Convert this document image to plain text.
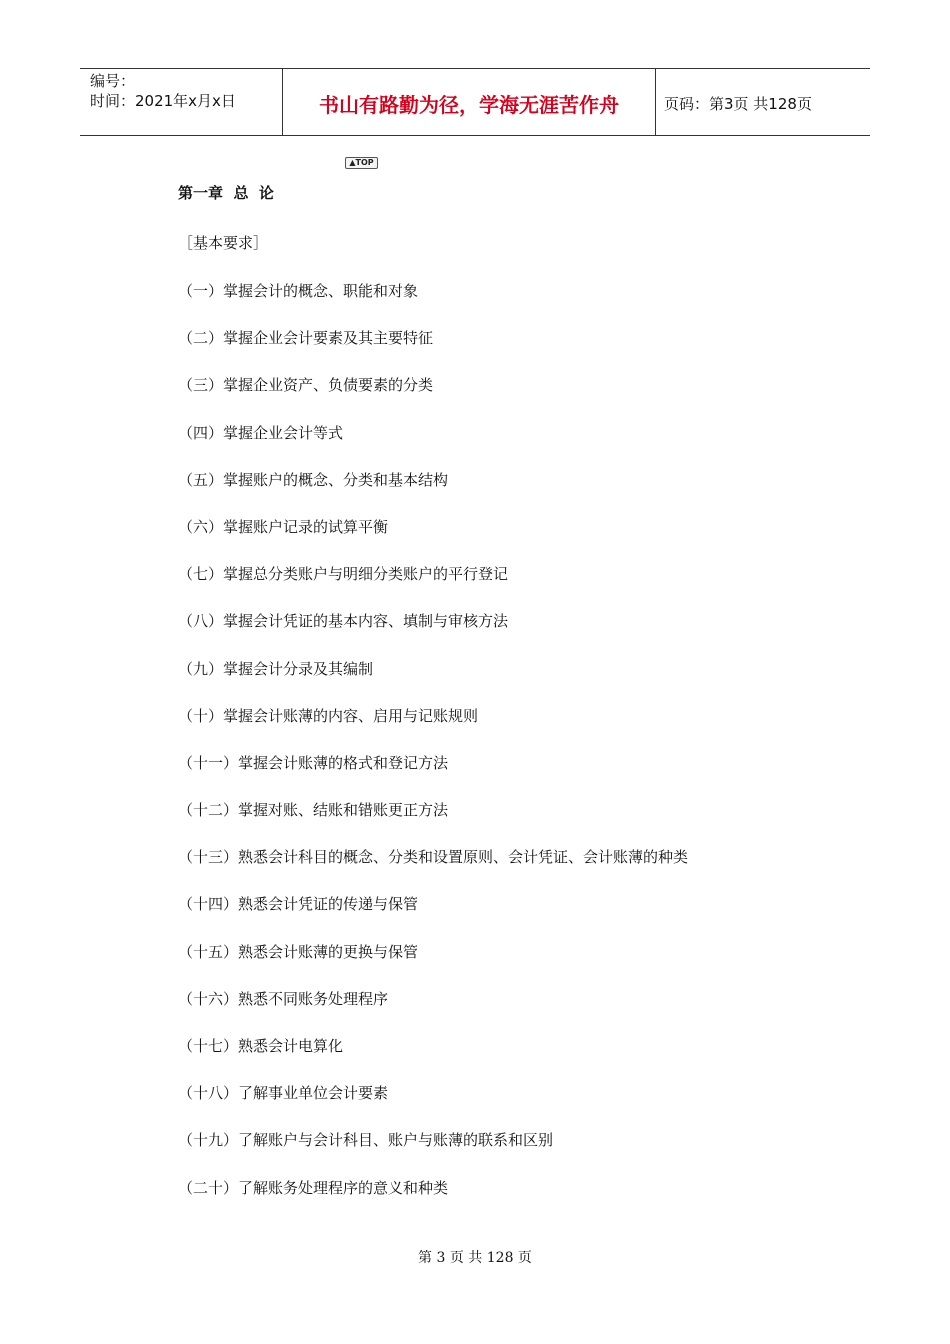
编号：
时间：2021年x月x日	书山有路勤为径，学海无涯苦作舟	页码：第3页 共128页
▲TOP
第一章  总  论
［基本要求］
（一）掌握会计的概念、职能和对象
（二）掌握企业会计要素及其主要特征
（三）掌握企业资产、负债要素的分类
（四）掌握企业会计等式
（五）掌握账户的概念、分类和基本结构
（六）掌握账户记录的试算平衡
（七）掌握总分类账户与明细分类账户的平行登记
（八）掌握会计凭证的基本内容、填制与审核方法
（九）掌握会计分录及其编制
（十）掌握会计账薄的内容、启用与记账规则
（十一）掌握会计账薄的格式和登记方法
（十二）掌握对账、结账和错账更正方法
（十三）熟悉会计科目的概念、分类和设置原则、会计凭证、会计账薄的种类
（十四）熟悉会计凭证的传递与保管
（十五）熟悉会计账薄的更换与保管
（十六）熟悉不同账务处理程序
（十七）熟悉会计电算化
（十八）了解事业单位会计要素
（十九）了解账户与会计科目、账户与账薄的联系和区别
（二十）了解账务处理程序的意义和种类
第 3 页 共 128 页
